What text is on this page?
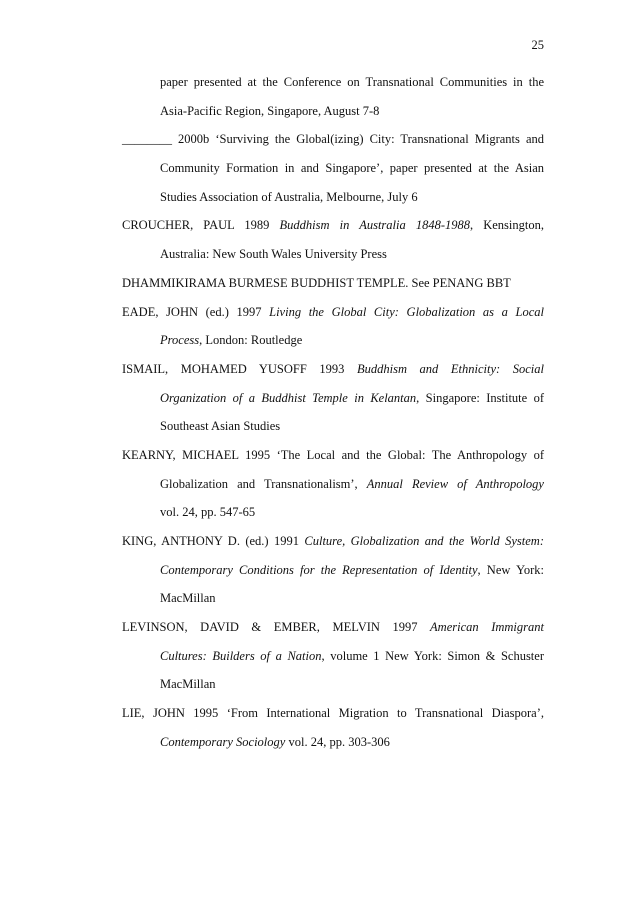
25
paper presented at the Conference on Transnational Communities in the
Asia-Pacific Region, Singapore, August 7-8
________ 2000b ‘Surviving the Global(izing) City: Transnational Migrants and
Community Formation in and Singapore’, paper presented at the Asian
Studies Association of Australia, Melbourne, July 6
CROUCHER, PAUL 1989 Buddhism in Australia 1848-1988, Kensington,
Australia: New South Wales University Press
DHAMMIKIRAMA BURMESE BUDDHIST TEMPLE. See PENANG BBT
EADE, JOHN (ed.) 1997 Living the Global City: Globalization as a Local
Process, London: Routledge
ISMAIL, MOHAMED YUSOFF 1993 Buddhism and Ethnicity: Social
Organization of a Buddhist Temple in Kelantan, Singapore: Institute of
Southeast Asian Studies
KEARNY, MICHAEL 1995 ‘The Local and the Global: The Anthropology of
Globalization and Transnationalism’, Annual Review of Anthropology
vol. 24, pp. 547-65
KING, ANTHONY D. (ed.) 1991 Culture, Globalization and the World System:
Contemporary Conditions for the Representation of Identity, New York:
MacMillan
LEVINSON, DAVID & EMBER, MELVIN 1997 American Immigrant
Cultures: Builders of a Nation, volume 1 New York: Simon & Schuster
MacMillan
LIE, JOHN 1995 ‘From International Migration to Transnational Diaspora’,
Contemporary Sociology vol. 24, pp. 303-306
